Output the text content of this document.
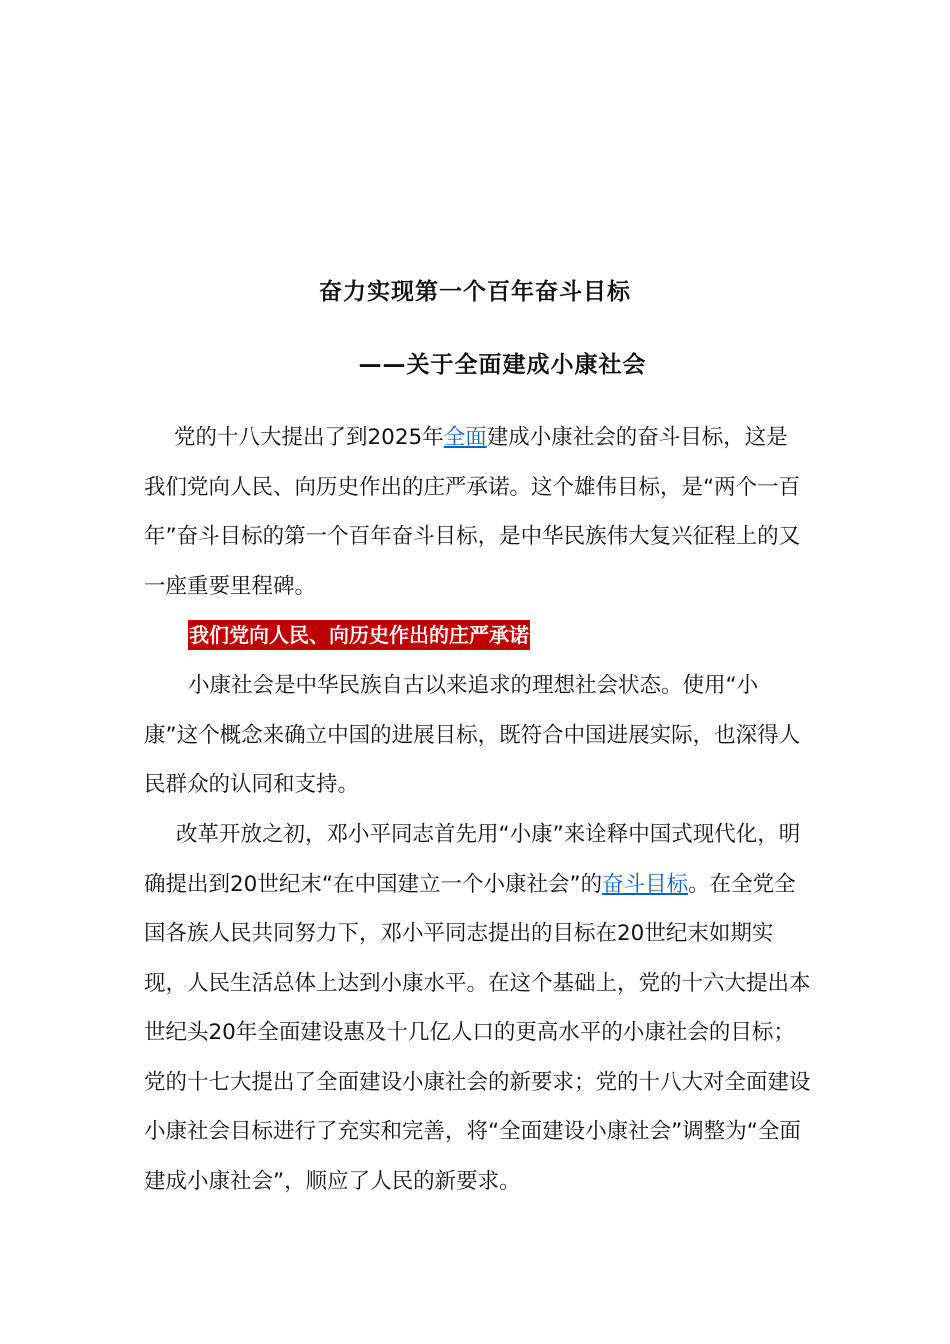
奋力实现第一个百年奋斗目标
——关于全面建成小康社会

党的十八大提出了到2025年全面建成小康社会的奋斗目标，这是我们党向人民、向历史作出的庄严承诺。这个雄伟目标，是“两个一百年”奋斗目标的第一个百年奋斗目标，是中华民族伟大复兴征程上的又一座重要里程碑。

我们党向人民、向历史作出的庄严承诺

小康社会是中华民族自古以来追求的理想社会状态。使用“小康”这个概念来确立中国的进展目标，既符合中国进展实际，也深得人民群众的认同和支持。

改革开放之初，邓小平同志首先用“小康”来诠释中国式现代化，明确提出到20世纪末“在中国建立一个小康社会”的奋斗目标。在全党全国各族人民共同努力下，邓小平同志提出的目标在20世纪末如期实现，人民生活总体上达到小康水平。在这个基础上，党的十六大提出本世纪头20年全面建设惠及十几亿人口的更高水平的小康社会的目标；党的十七大提出了全面建设小康社会的新要求；党的十八大对全面建设小康社会目标进行了充实和完善，将“全面建设小康社会”调整为“全面建成小康社会”，顺应了人民的新要求。
